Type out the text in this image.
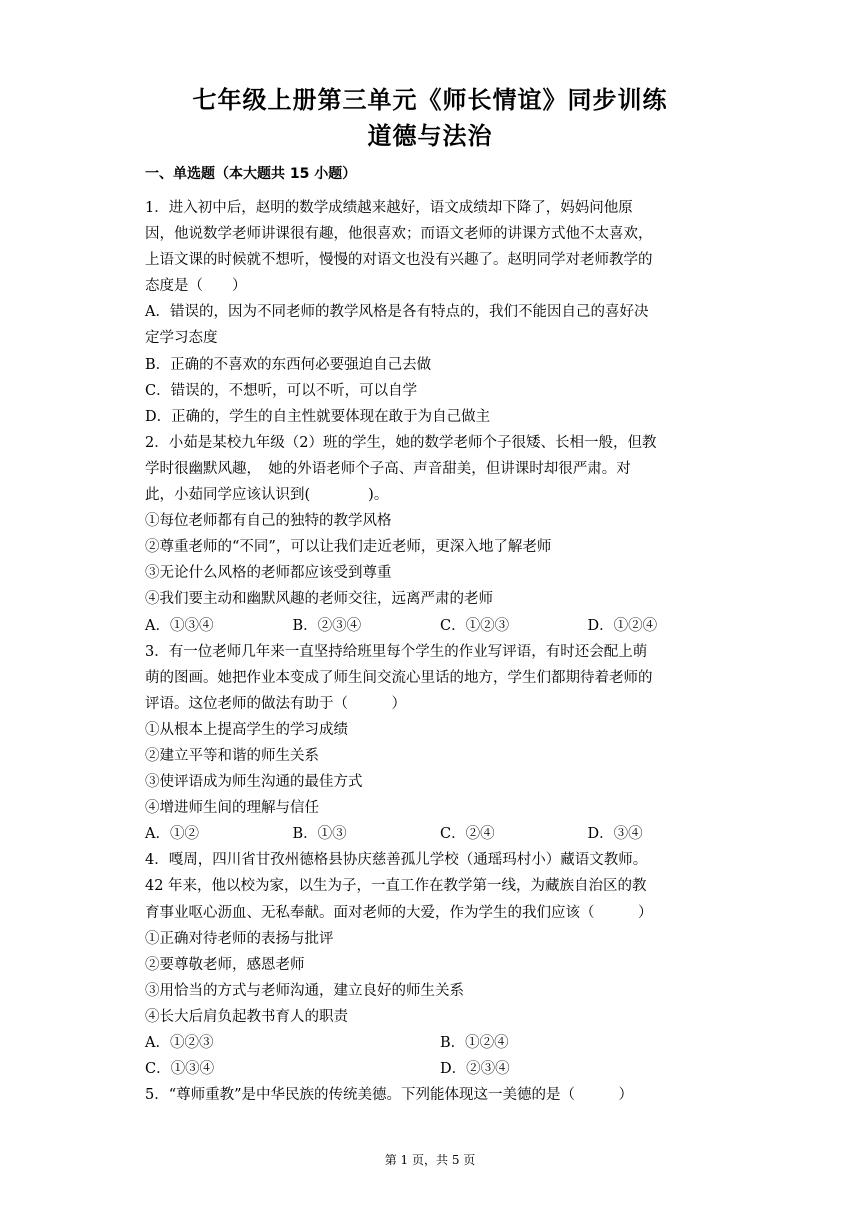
七年级上册第三单元《师长情谊》同步训练
道德与法治
一、单选题（本大题共 15 小题）
1．进入初中后，赵明的数学成绩越来越好，语文成绩却下降了，妈妈问他原
因，他说数学老师讲课很有趣，他很喜欢；而语文老师的讲课方式他不太喜欢，
上语文课的时候就不想听，慢慢的对语文也没有兴趣了。赵明同学对老师教学的
态度是（　　）
A．错误的，因为不同老师的教学风格是各有特点的，我们不能因自己的喜好决
定学习态度
B．正确的不喜欢的东西何必要强迫自己去做
C．错误的，不想听，可以不听，可以自学
D．正确的，学生的自主性就要体现在敢于为自己做主
2．小茹是某校九年级（2）班的学生，她的数学老师个子很矮、长相一般，但教
学时很幽默风趣，　她的外语老师个子高、声音甜美，但讲课时却很严肃。对
此，小茹同学应该认识到(　　　　)。
①每位老师都有自己的独特的教学风格
②尊重老师的“不同”，可以让我们走近老师，更深入地了解老师
③无论什么风格的老师都应该受到尊重
④我们要主动和幽默风趣的老师交往，远离严肃的老师
A．①③④	B．②③④	C．①②③	D．①②④
3．有一位老师几年来一直坚持给班里每个学生的作业写评语，有时还会配上萌
萌的图画。她把作业本变成了师生间交流心里话的地方，学生们都期待着老师的
评语。这位老师的做法有助于（　　　）
①从根本上提高学生的学习成绩
②建立平等和谐的师生关系
③使评语成为师生沟通的最佳方式
④增进师生间的理解与信任
A．①②	B．①③	C．②④	D．③④
4．嘎周，四川省甘孜州德格县协庆慈善孤儿学校（通瑶玛村小）藏语文教师。
42 年来，他以校为家，以生为子，一直工作在教学第一线，为藏族自治区的教
育事业呕心沥血、无私奉献。面对老师的大爱，作为学生的我们应该（　　　）
①正确对待老师的表扬与批评
②要尊敬老师，感恩老师
③用恰当的方式与老师沟通，建立良好的师生关系
④长大后肩负起教书育人的职责
A．①②③	B．①②④
C．①③④	D．②③④
5．“尊师重教”是中华民族的传统美德。下列能体现这一美德的是（　　　）
第 1 页，共 5 页
